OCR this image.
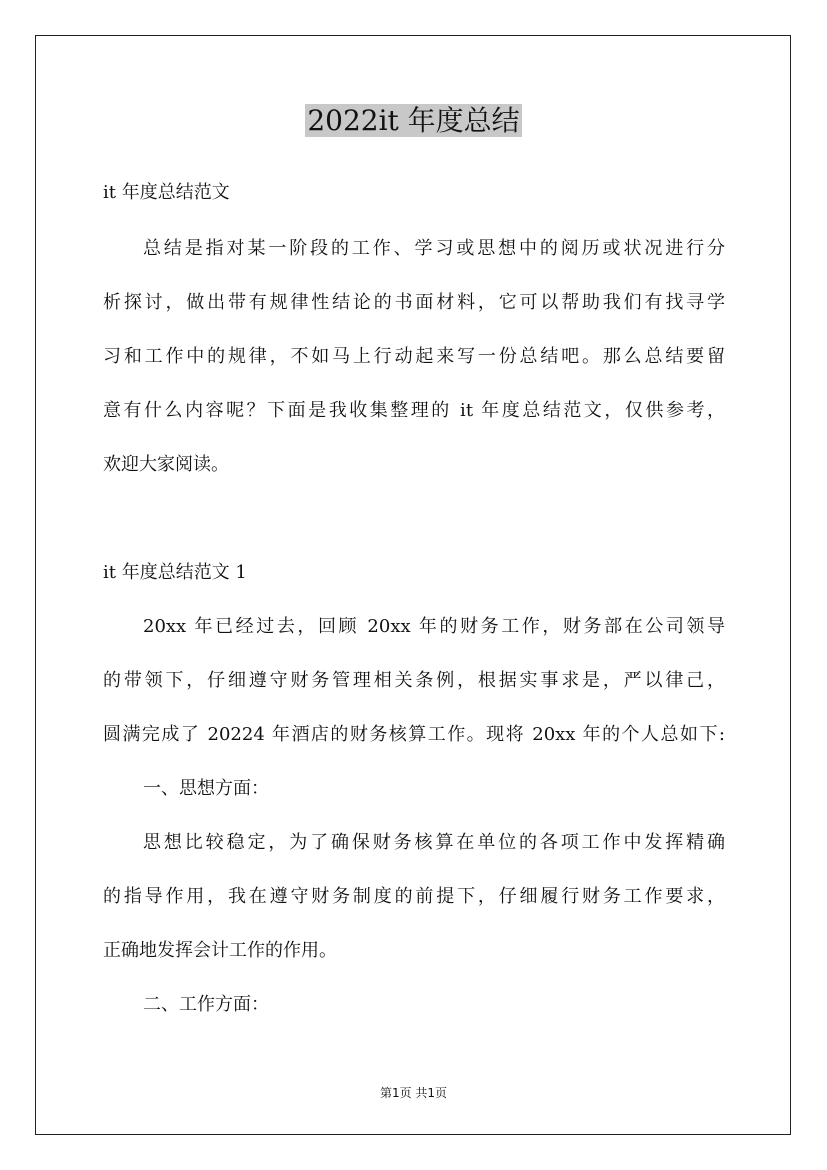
2022it 年度总结
it 年度总结范文
总结是指对某一阶段的工作、学习或思想中的阅历或状况进行分
析探讨，做出带有规律性结论的书面材料，它可以帮助我们有找寻学
习和工作中的规律，不如马上行动起来写一份总结吧。那么总结要留
意有什么内容呢？下面是我收集整理的 it 年度总结范文，仅供参考，
欢迎大家阅读。
it 年度总结范文 1
20xx 年已经过去，回顾 20xx 年的财务工作，财务部在公司领导
的带领下，仔细遵守财务管理相关条例，根据实事求是，严以律己，
圆满完成了 20224 年酒店的财务核算工作。现将 20xx 年的个人总如下:
一、思想方面：
思想比较稳定，为了确保财务核算在单位的各项工作中发挥精确
的指导作用，我在遵守财务制度的前提下，仔细履行财务工作要求，
正确地发挥会计工作的作用。
二、工作方面：
第1页 共1页
